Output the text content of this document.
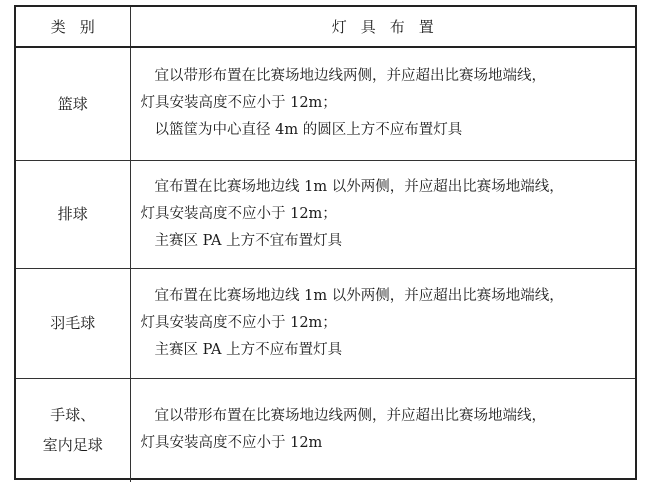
类别	灯具布置
篮球	宜以带形布置在比赛场地边线两侧，并应超出比赛场地端线，
灯具安装高度不应小于 12m；
以篮筐为中心直径 4m 的圆区上方不应布置灯具

排球	宜布置在比赛场地边线 1m 以外两侧，并应超出比赛场地端线，
灯具安装高度不应小于 12m；
主赛区 PA 上方不宜布置灯具

羽毛球	宜布置在比赛场地边线 1m 以外两侧，并应超出比赛场地端线，
灯具安装高度不应小于 12m；
主赛区 PA 上方不应布置灯具

手球、
室内足球	宜以带形布置在比赛场地边线两侧，并应超出比赛场地端线，
灯具安装高度不应小于 12m
